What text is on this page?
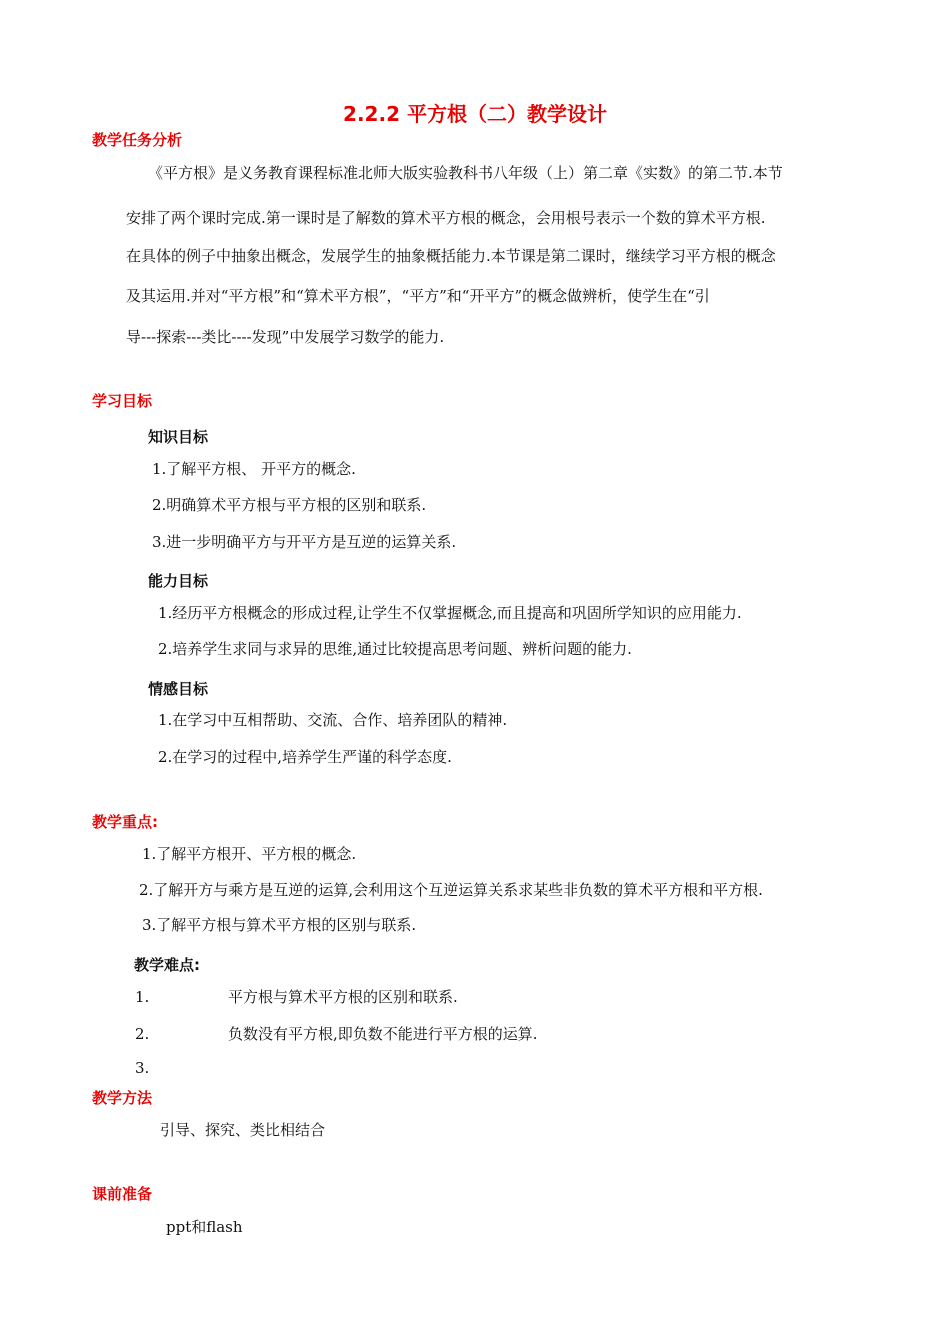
2.2.2 平方根（二）教学设计
教学任务分析
《平方根》是义务教育课程标准北师大版实验教科书八年级（上）第二章《实数》的第二节.本节
安排了两个课时完成.第一课时是了解数的算术平方根的概念，会用根号表示一个数的算术平方根.
在具体的例子中抽象出概念，发展学生的抽象概括能力.本节课是第二课时，继续学习平方根的概念
及其运用.并对“平方根”和“算术平方根”，“平方”和“开平方”的概念做辨析，使学生在“引
导---探索---类比----发现”中发展学习数学的能力.
学习目标
知识目标
1.了解平方根、 开平方的概念.
2.明确算术平方根与平方根的区别和联系.
3.进一步明确平方与开平方是互逆的运算关系.
能力目标
1.经历平方根概念的形成过程,让学生不仅掌握概念,而且提高和巩固所学知识的应用能力.
2.培养学生求同与求异的思维,通过比较提高思考问题、辨析问题的能力.
情感目标
1.在学习中互相帮助、交流、合作、培养团队的精神.
2.在学习的过程中,培养学生严谨的科学态度.
教学重点:
1.了解平方根开、平方根的概念.
2.了解开方与乘方是互逆的运算,会利用这个互逆运算关系求某些非负数的算术平方根和平方根.
3.了解平方根与算术平方根的区别与联系.
教学难点:
1.	平方根与算术平方根的区别和联系.
2.	负数没有平方根,即负数不能进行平方根的运算.
3.
教学方法
引导、探究、类比相结合
课前准备
ppt和flash
